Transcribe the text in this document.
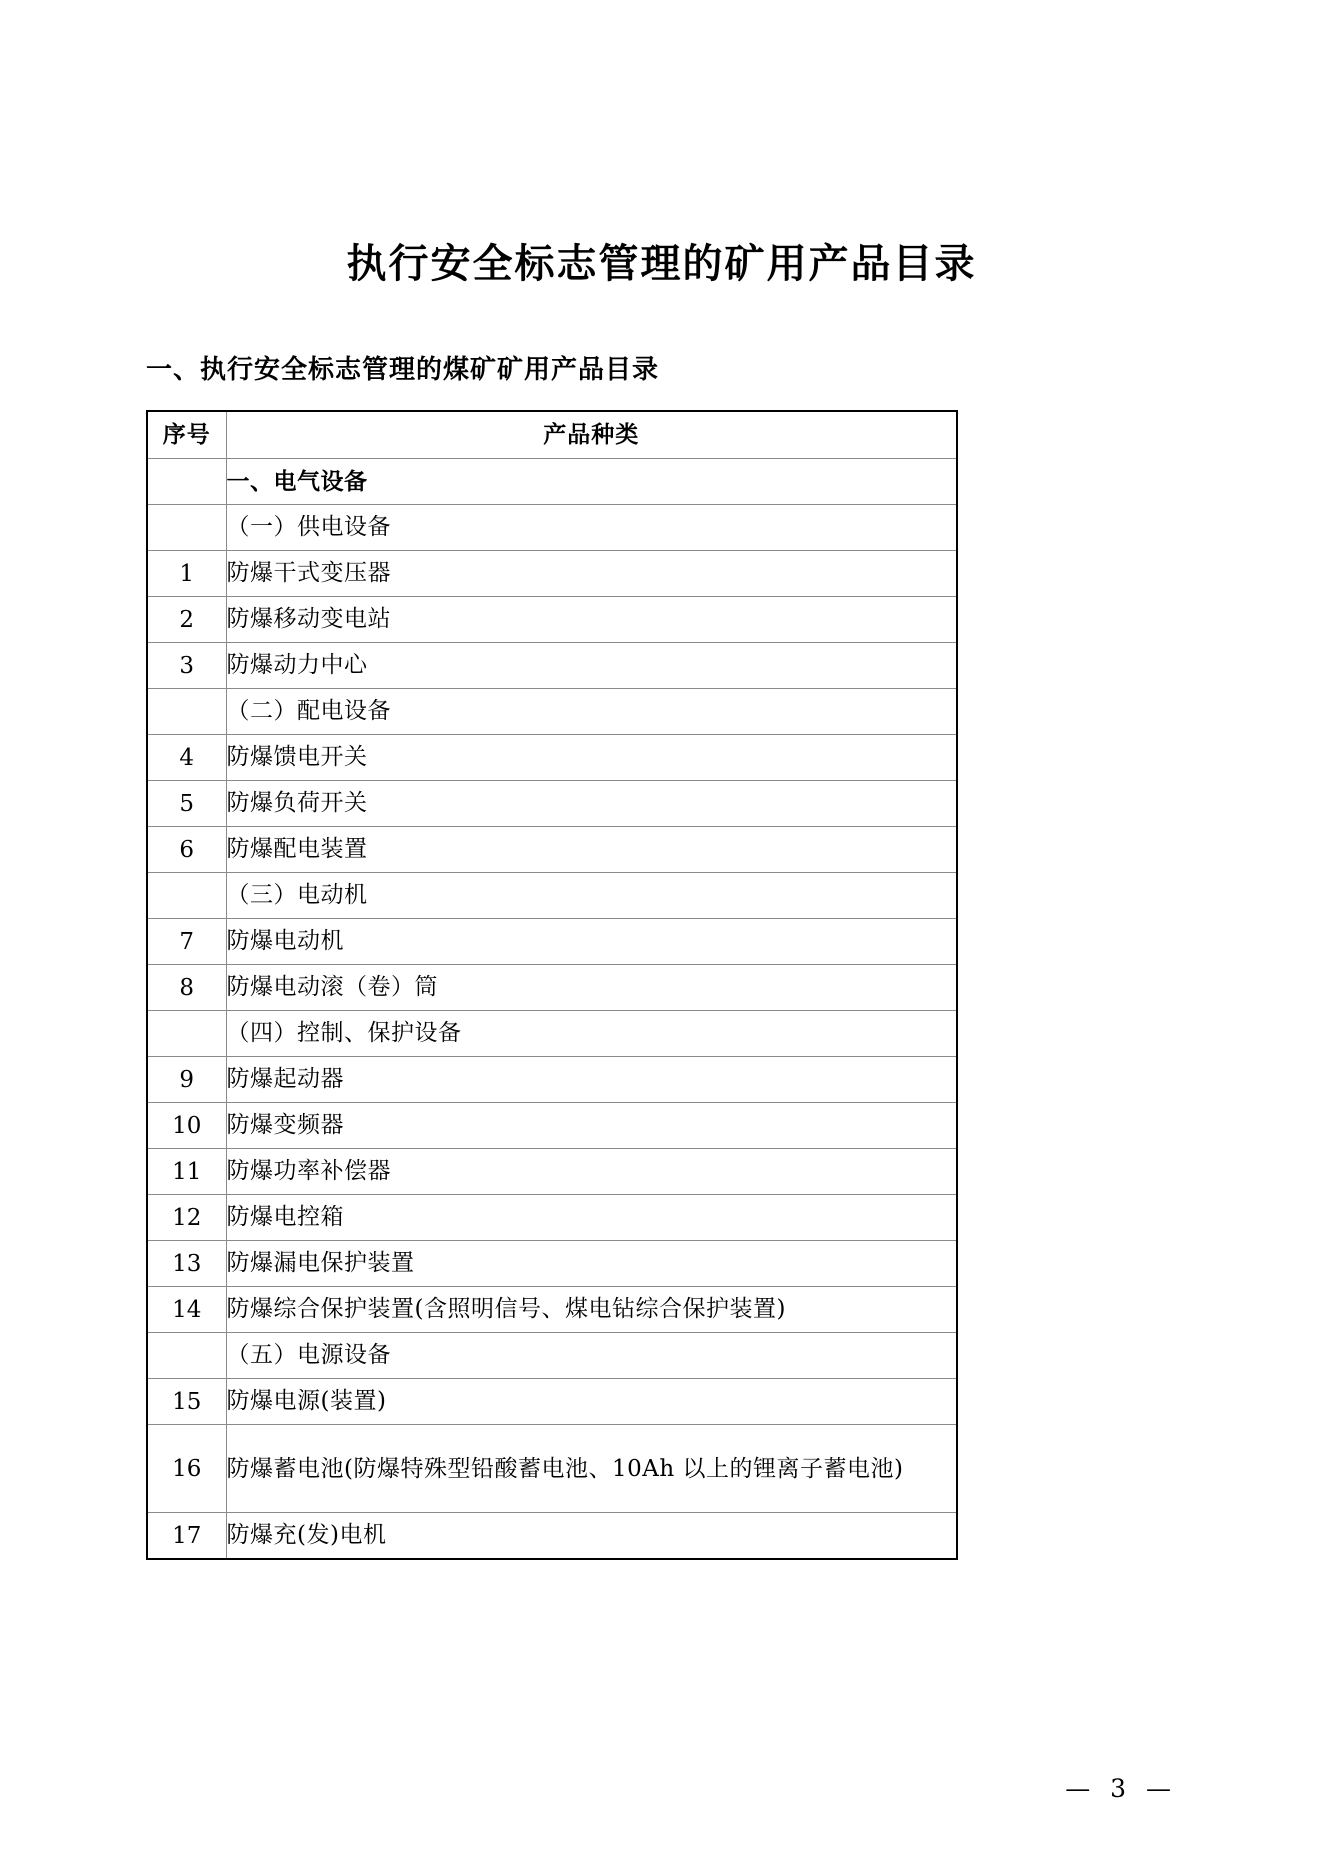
执行安全标志管理的矿用产品目录
一、执行安全标志管理的煤矿矿用产品目录
序号	产品种类
	一、电气设备
	（一）供电设备
1	防爆干式变压器
2	防爆移动变电站
3	防爆动力中心
	（二）配电设备
4	防爆馈电开关
5	防爆负荷开关
6	防爆配电装置
	（三）电动机
7	防爆电动机
8	防爆电动滚（卷）筒
	（四）控制、保护设备
9	防爆起动器
10	防爆变频器
11	防爆功率补偿器
12	防爆电控箱
13	防爆漏电保护装置
14	防爆综合保护装置(含照明信号、煤电钻综合保护装置)
	（五）电源设备
15	防爆电源(装置)
16	防爆蓄电池(防爆特殊型铅酸蓄电池、10Ah 以上的锂离子蓄电池)
17	防爆充(发)电机
— 3 —
